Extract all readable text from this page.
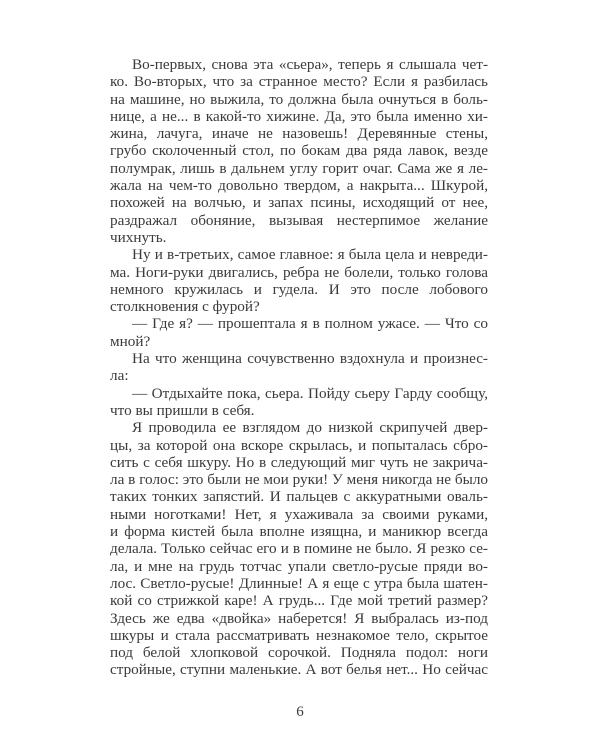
Во-первых, снова эта «сьера», теперь я слышала чет-
ко. Во-вторых, что за странное место? Если я разбилась
на машине, но выжила, то должна была очнуться в боль-
нице, а не... в какой-то хижине. Да, это была именно хи-
жина, лачуга, иначе не назовешь! Деревянные стены,
грубо сколоченный стол, по бокам два ряда лавок, везде
полумрак, лишь в дальнем углу горит очаг. Сама же я ле-
жала на чем-то довольно твердом, а накрыта... Шкурой,
похожей на волчью, и запах псины, исходящий от нее,
раздражал обоняние, вызывая нестерпимое желание
чихнуть.
Ну и в-третьих, самое главное: я была цела и невреди-
ма. Ноги-руки двигались, ребра не болели, только голова
немного кружилась и гудела. И это после лобового
столкновения с фурой?
— Где я? — прошептала я в полном ужасе. — Что со
мной?
На что женщина сочувственно вздохнула и произнес-
ла:
— Отдыхайте пока, сьера. Пойду сьеру Гарду сообщу,
что вы пришли в себя.
Я проводила ее взглядом до низкой скрипучей двер-
цы, за которой она вскоре скрылась, и попыталась сбро-
сить с себя шкуру. Но в следующий миг чуть не закрича-
ла в голос: это были не мои руки! У меня никогда не было
таких тонких запястий. И пальцев с аккуратными оваль-
ными ноготками! Нет, я ухаживала за своими руками,
и форма кистей была вполне изящна, и маникюр всегда
делала. Только сейчас его и в помине не было. Я резко се-
ла, и мне на грудь тотчас упали светло-русые пряди во-
лос. Светло-русые! Длинные! А я еще с утра была шатен-
кой со стрижкой каре! А грудь... Где мой третий размер?
Здесь же едва «двойка» наберется! Я выбралась из-под
шкуры и стала рассматривать незнакомое тело, скрытое
под белой хлопковой сорочкой. Подняла подол: ноги
стройные, ступни маленькие. А вот белья нет... Но сейчас
6
